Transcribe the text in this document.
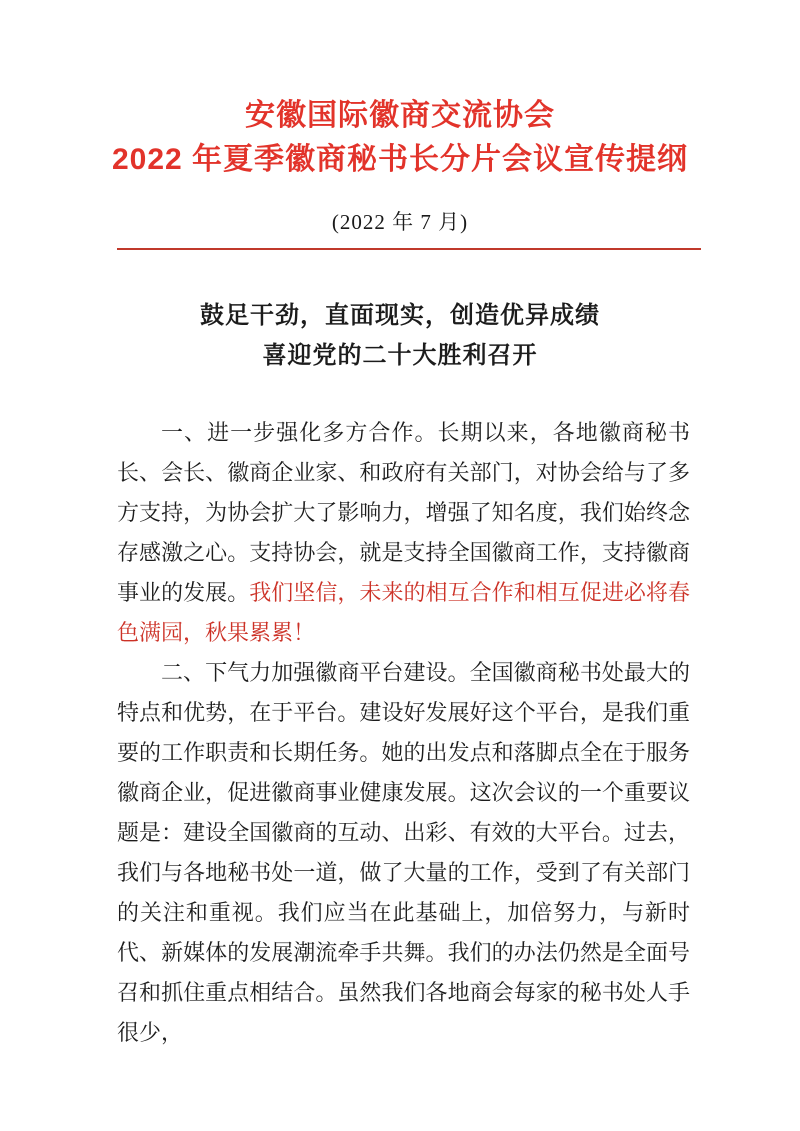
安徽国际徽商交流协会
2022 年夏季徽商秘书长分片会议宣传提纲

(2022 年 7 月)

鼓足干劲，直面现实，创造优异成绩
喜迎党的二十大胜利召开

一、进一步强化多方合作。长期以来，各地徽商秘书长、会长、徽商企业家、和政府有关部门，对协会给与了多方支持，为协会扩大了影响力，增强了知名度，我们始终念存感激之心。支持协会，就是支持全国徽商工作，支持徽商事业的发展。我们坚信，未来的相互合作和相互促进必将春色满园，秋果累累！

二、下气力加强徽商平台建设。全国徽商秘书处最大的特点和优势，在于平台。建设好发展好这个平台，是我们重要的工作职责和长期任务。她的出发点和落脚点全在于服务徽商企业，促进徽商事业健康发展。这次会议的一个重要议题是：建设全国徽商的互动、出彩、有效的大平台。过去，我们与各地秘书处一道，做了大量的工作，受到了有关部门的关注和重视。我们应当在此基础上，加倍努力，与新时代、新媒体的发展潮流牵手共舞。我们的办法仍然是全面号召和抓住重点相结合。虽然我们各地商会每家的秘书处人手很少，
